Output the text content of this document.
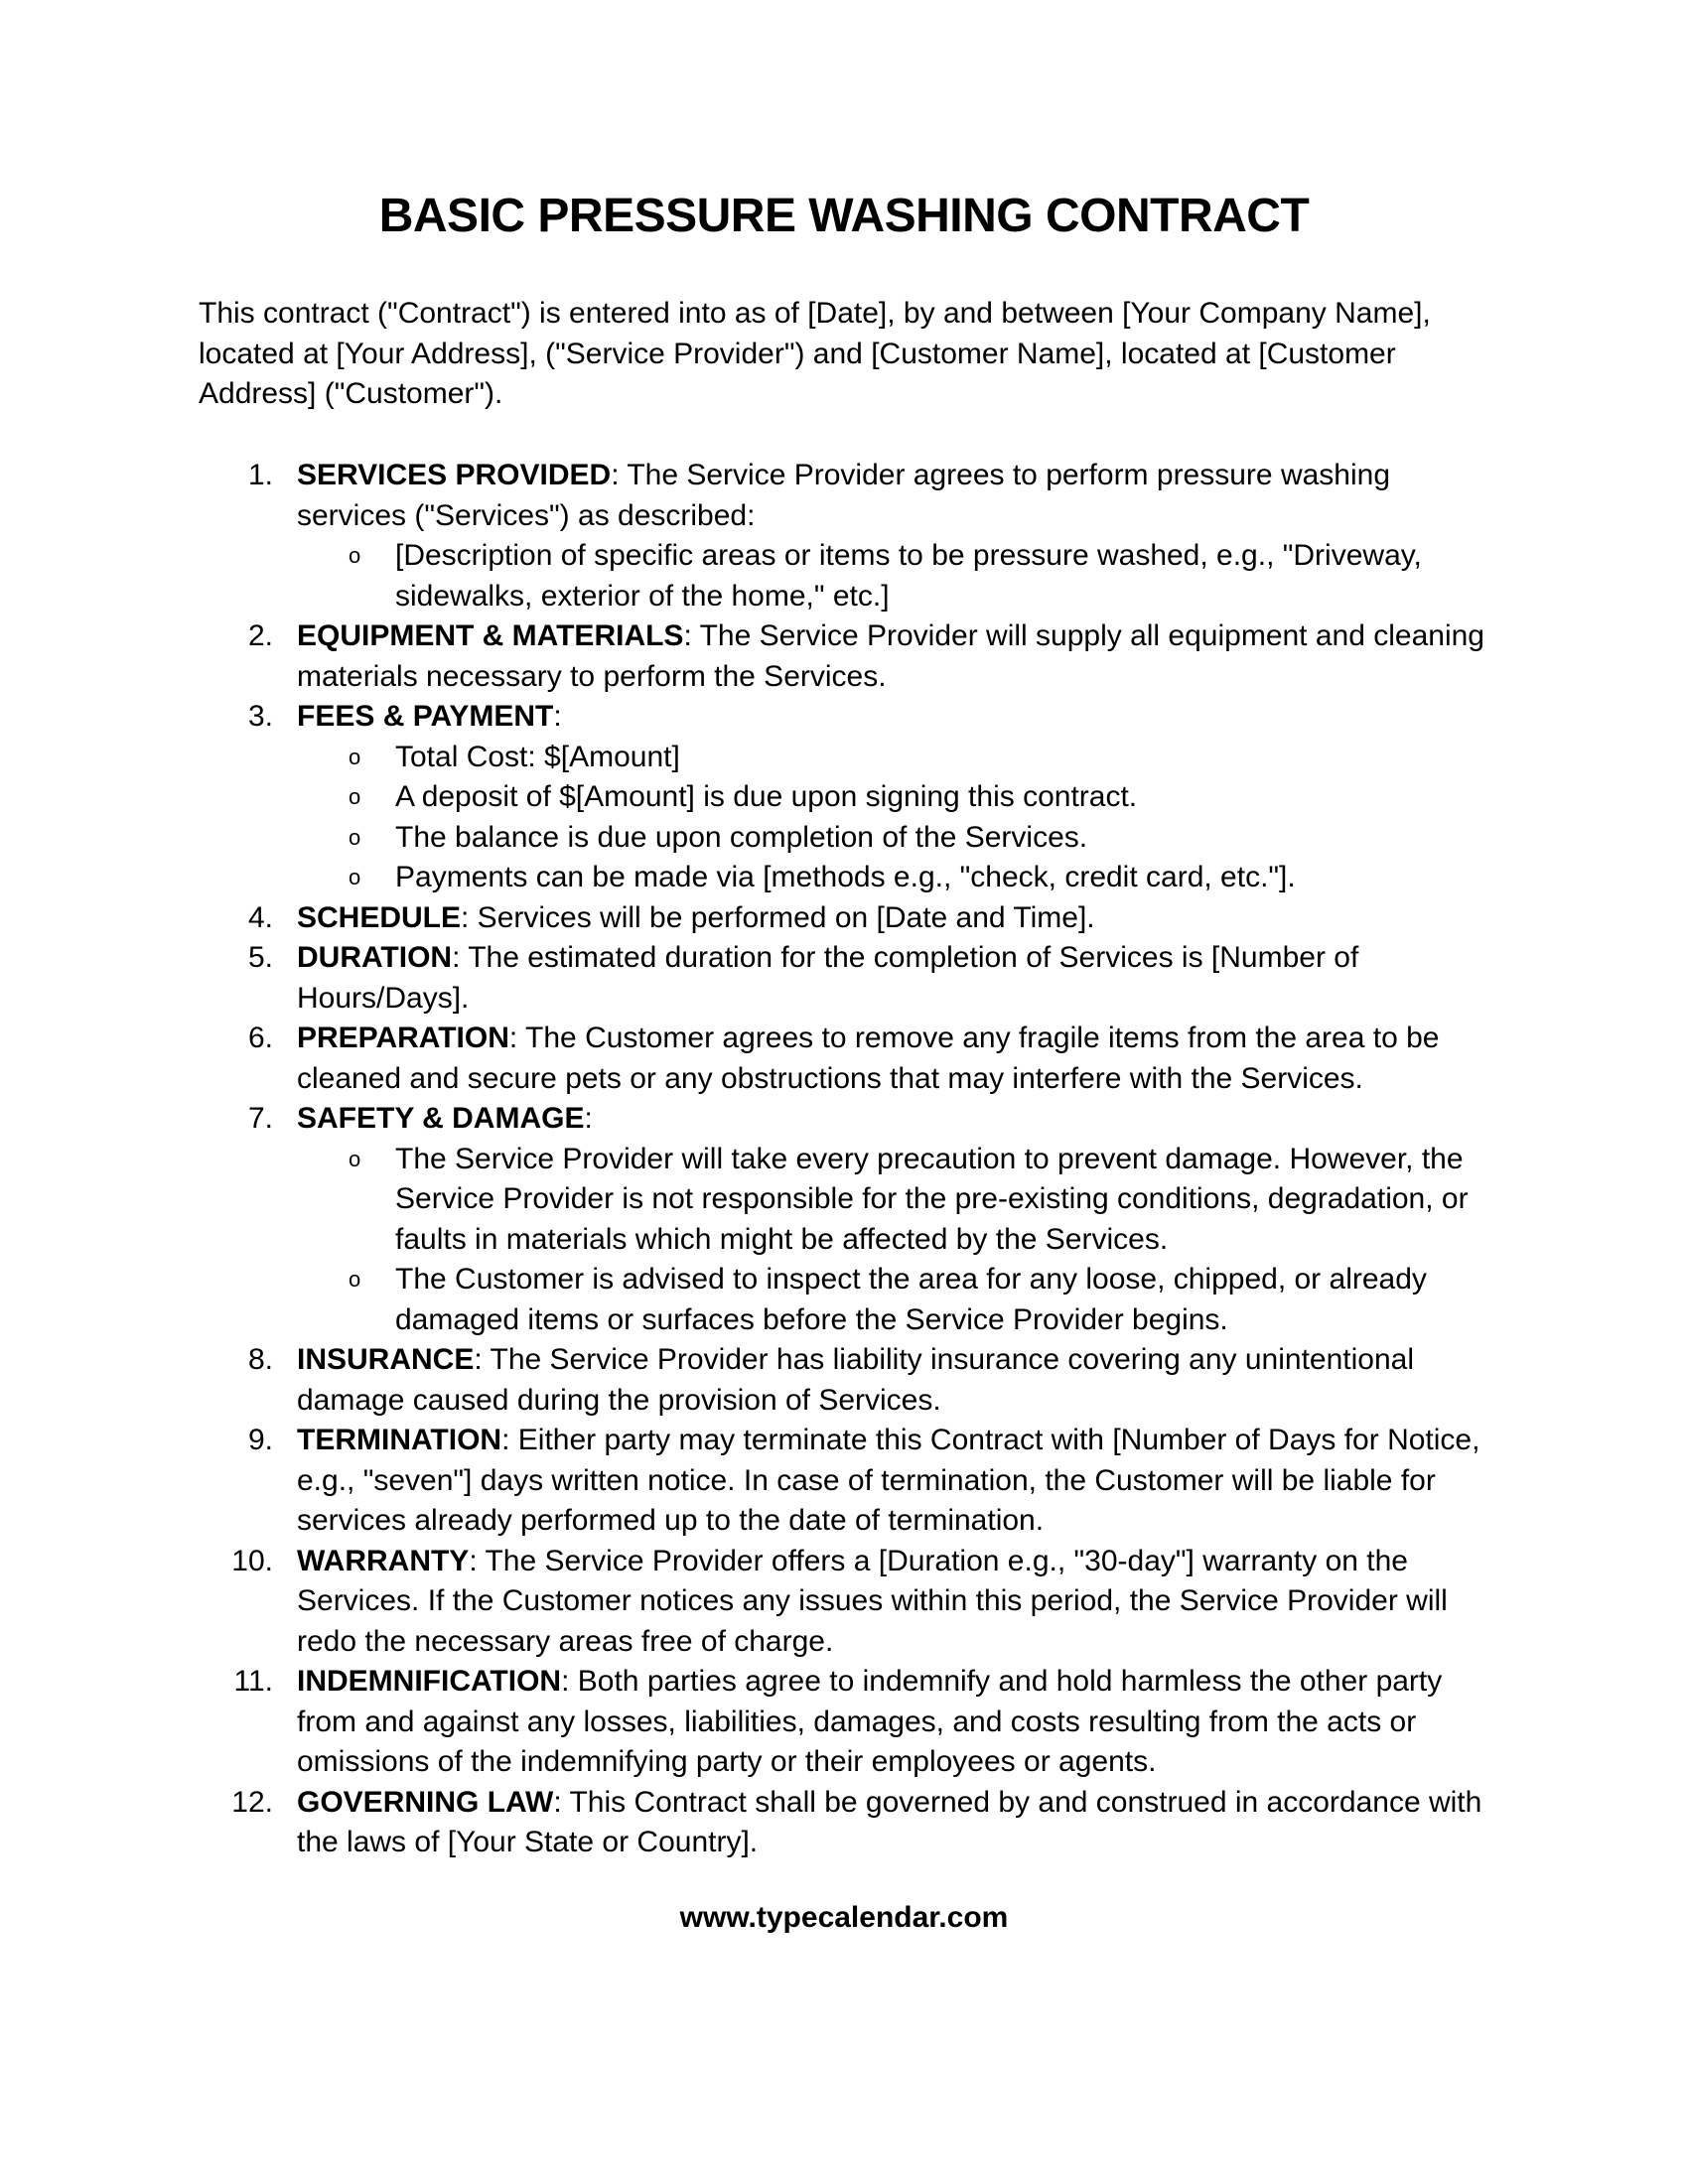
BASIC PRESSURE WASHING CONTRACT
This contract ("Contract") is entered into as of [Date], by and between [Your Company Name], located at [Your Address], ("Service Provider") and [Customer Name], located at [Customer Address] ("Customer").
1. SERVICES PROVIDED: The Service Provider agrees to perform pressure washing services ("Services") as described:
o [Description of specific areas or items to be pressure washed, e.g., "Driveway, sidewalks, exterior of the home," etc.]
2. EQUIPMENT & MATERIALS: The Service Provider will supply all equipment and cleaning materials necessary to perform the Services.
3. FEES & PAYMENT:
o Total Cost: $[Amount]
o A deposit of $[Amount] is due upon signing this contract.
o The balance is due upon completion of the Services.
o Payments can be made via [methods e.g., "check, credit card, etc."].
4. SCHEDULE: Services will be performed on [Date and Time].
5. DURATION: The estimated duration for the completion of Services is [Number of Hours/Days].
6. PREPARATION: The Customer agrees to remove any fragile items from the area to be cleaned and secure pets or any obstructions that may interfere with the Services.
7. SAFETY & DAMAGE:
o The Service Provider will take every precaution to prevent damage. However, the Service Provider is not responsible for the pre-existing conditions, degradation, or faults in materials which might be affected by the Services.
o The Customer is advised to inspect the area for any loose, chipped, or already damaged items or surfaces before the Service Provider begins.
8. INSURANCE: The Service Provider has liability insurance covering any unintentional damage caused during the provision of Services.
9. TERMINATION: Either party may terminate this Contract with [Number of Days for Notice, e.g., "seven"] days written notice. In case of termination, the Customer will be liable for services already performed up to the date of termination.
10. WARRANTY: The Service Provider offers a [Duration e.g., "30-day"] warranty on the Services. If the Customer notices any issues within this period, the Service Provider will redo the necessary areas free of charge.
11. INDEMNIFICATION: Both parties agree to indemnify and hold harmless the other party from and against any losses, liabilities, damages, and costs resulting from the acts or omissions of the indemnifying party or their employees or agents.
12. GOVERNING LAW: This Contract shall be governed by and construed in accordance with the laws of [Your State or Country].
www.typecalendar.com
